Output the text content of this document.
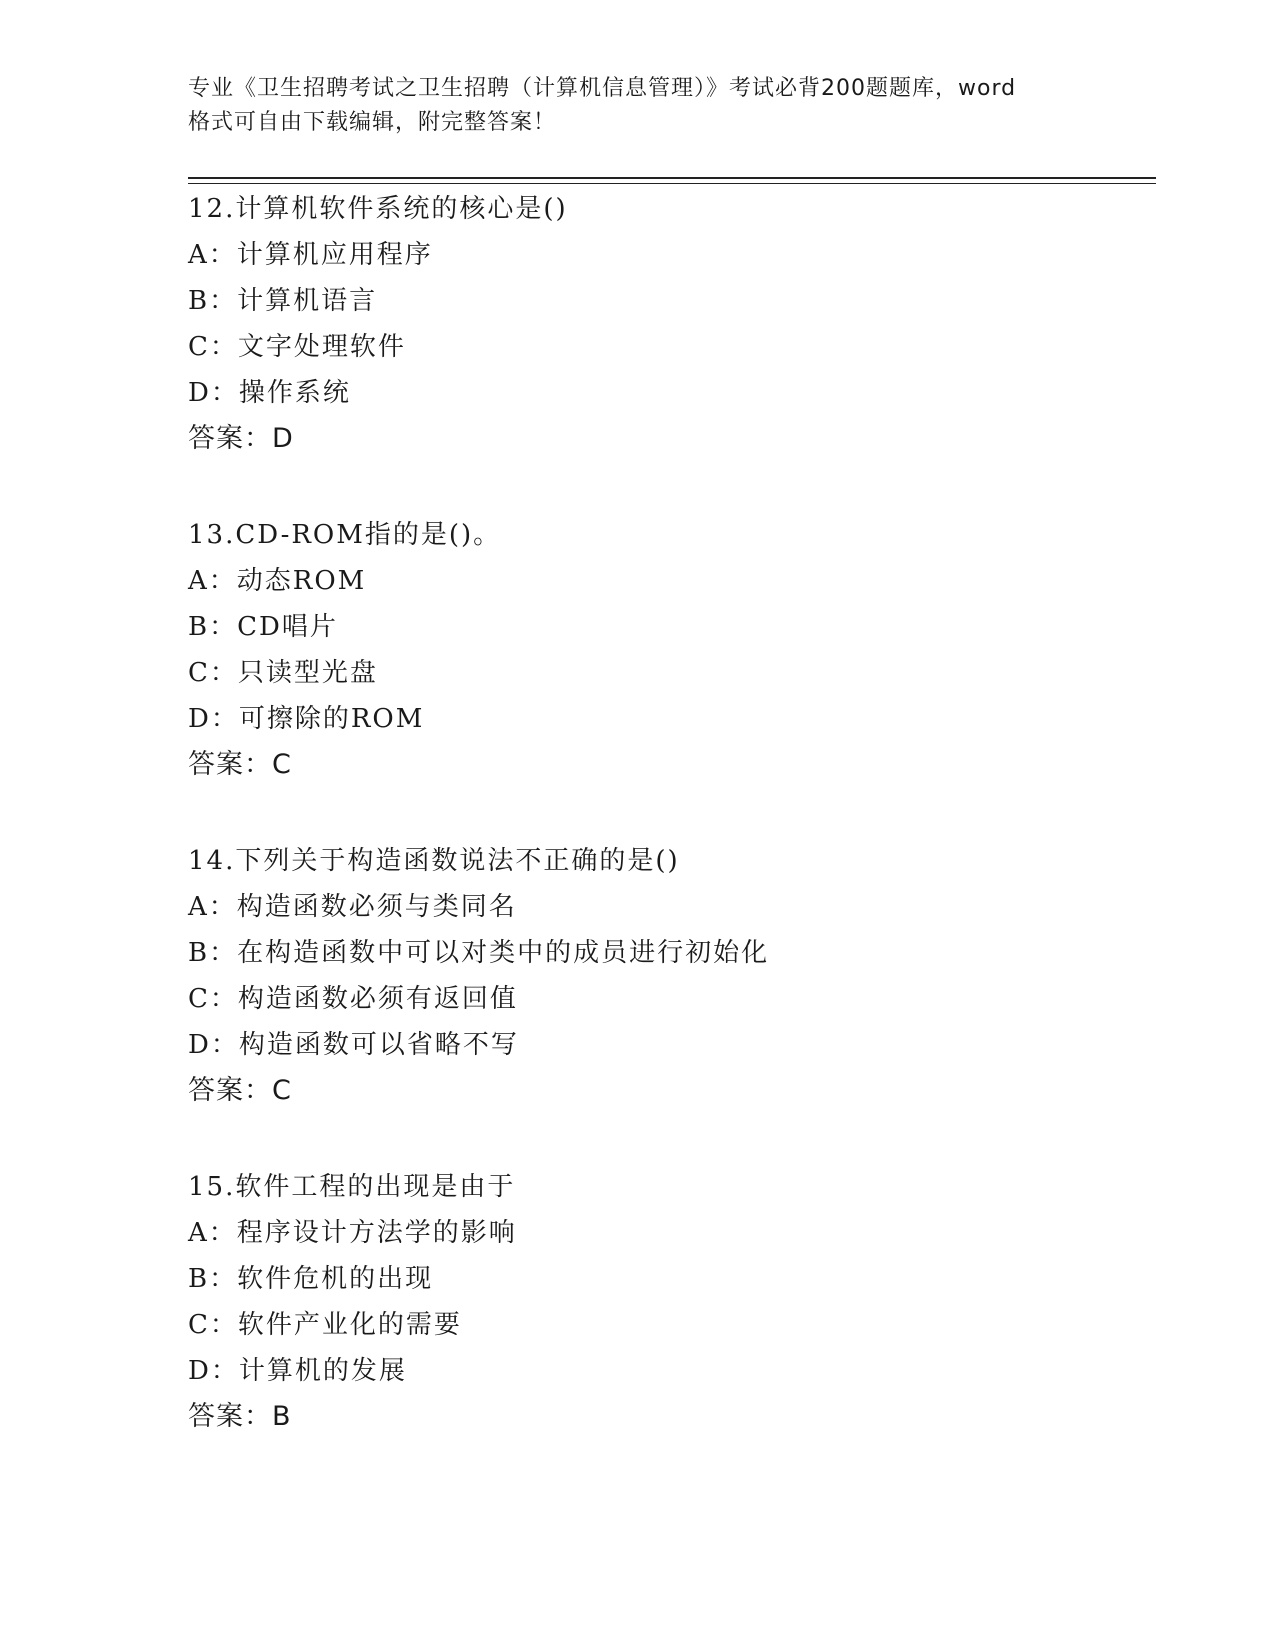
专业《卫生招聘考试之卫生招聘（计算机信息管理）》考试必背200题题库，word
格式可自由下载编辑，附完整答案！
12.计算机软件系统的核心是()
A：计算机应用程序
B：计算机语言
C：文字处理软件
D：操作系统
答案：D
13.CD-ROM指的是()。
A：动态ROM
B：CD唱片
C：只读型光盘
D：可擦除的ROM
答案：C
14.下列关于构造函数说法不正确的是()
A：构造函数必须与类同名
B：在构造函数中可以对类中的成员进行初始化
C：构造函数必须有返回值
D：构造函数可以省略不写
答案：C
15.软件工程的出现是由于
A：程序设计方法学的影响
B：软件危机的出现
C：软件产业化的需要
D：计算机的发展
答案：B
